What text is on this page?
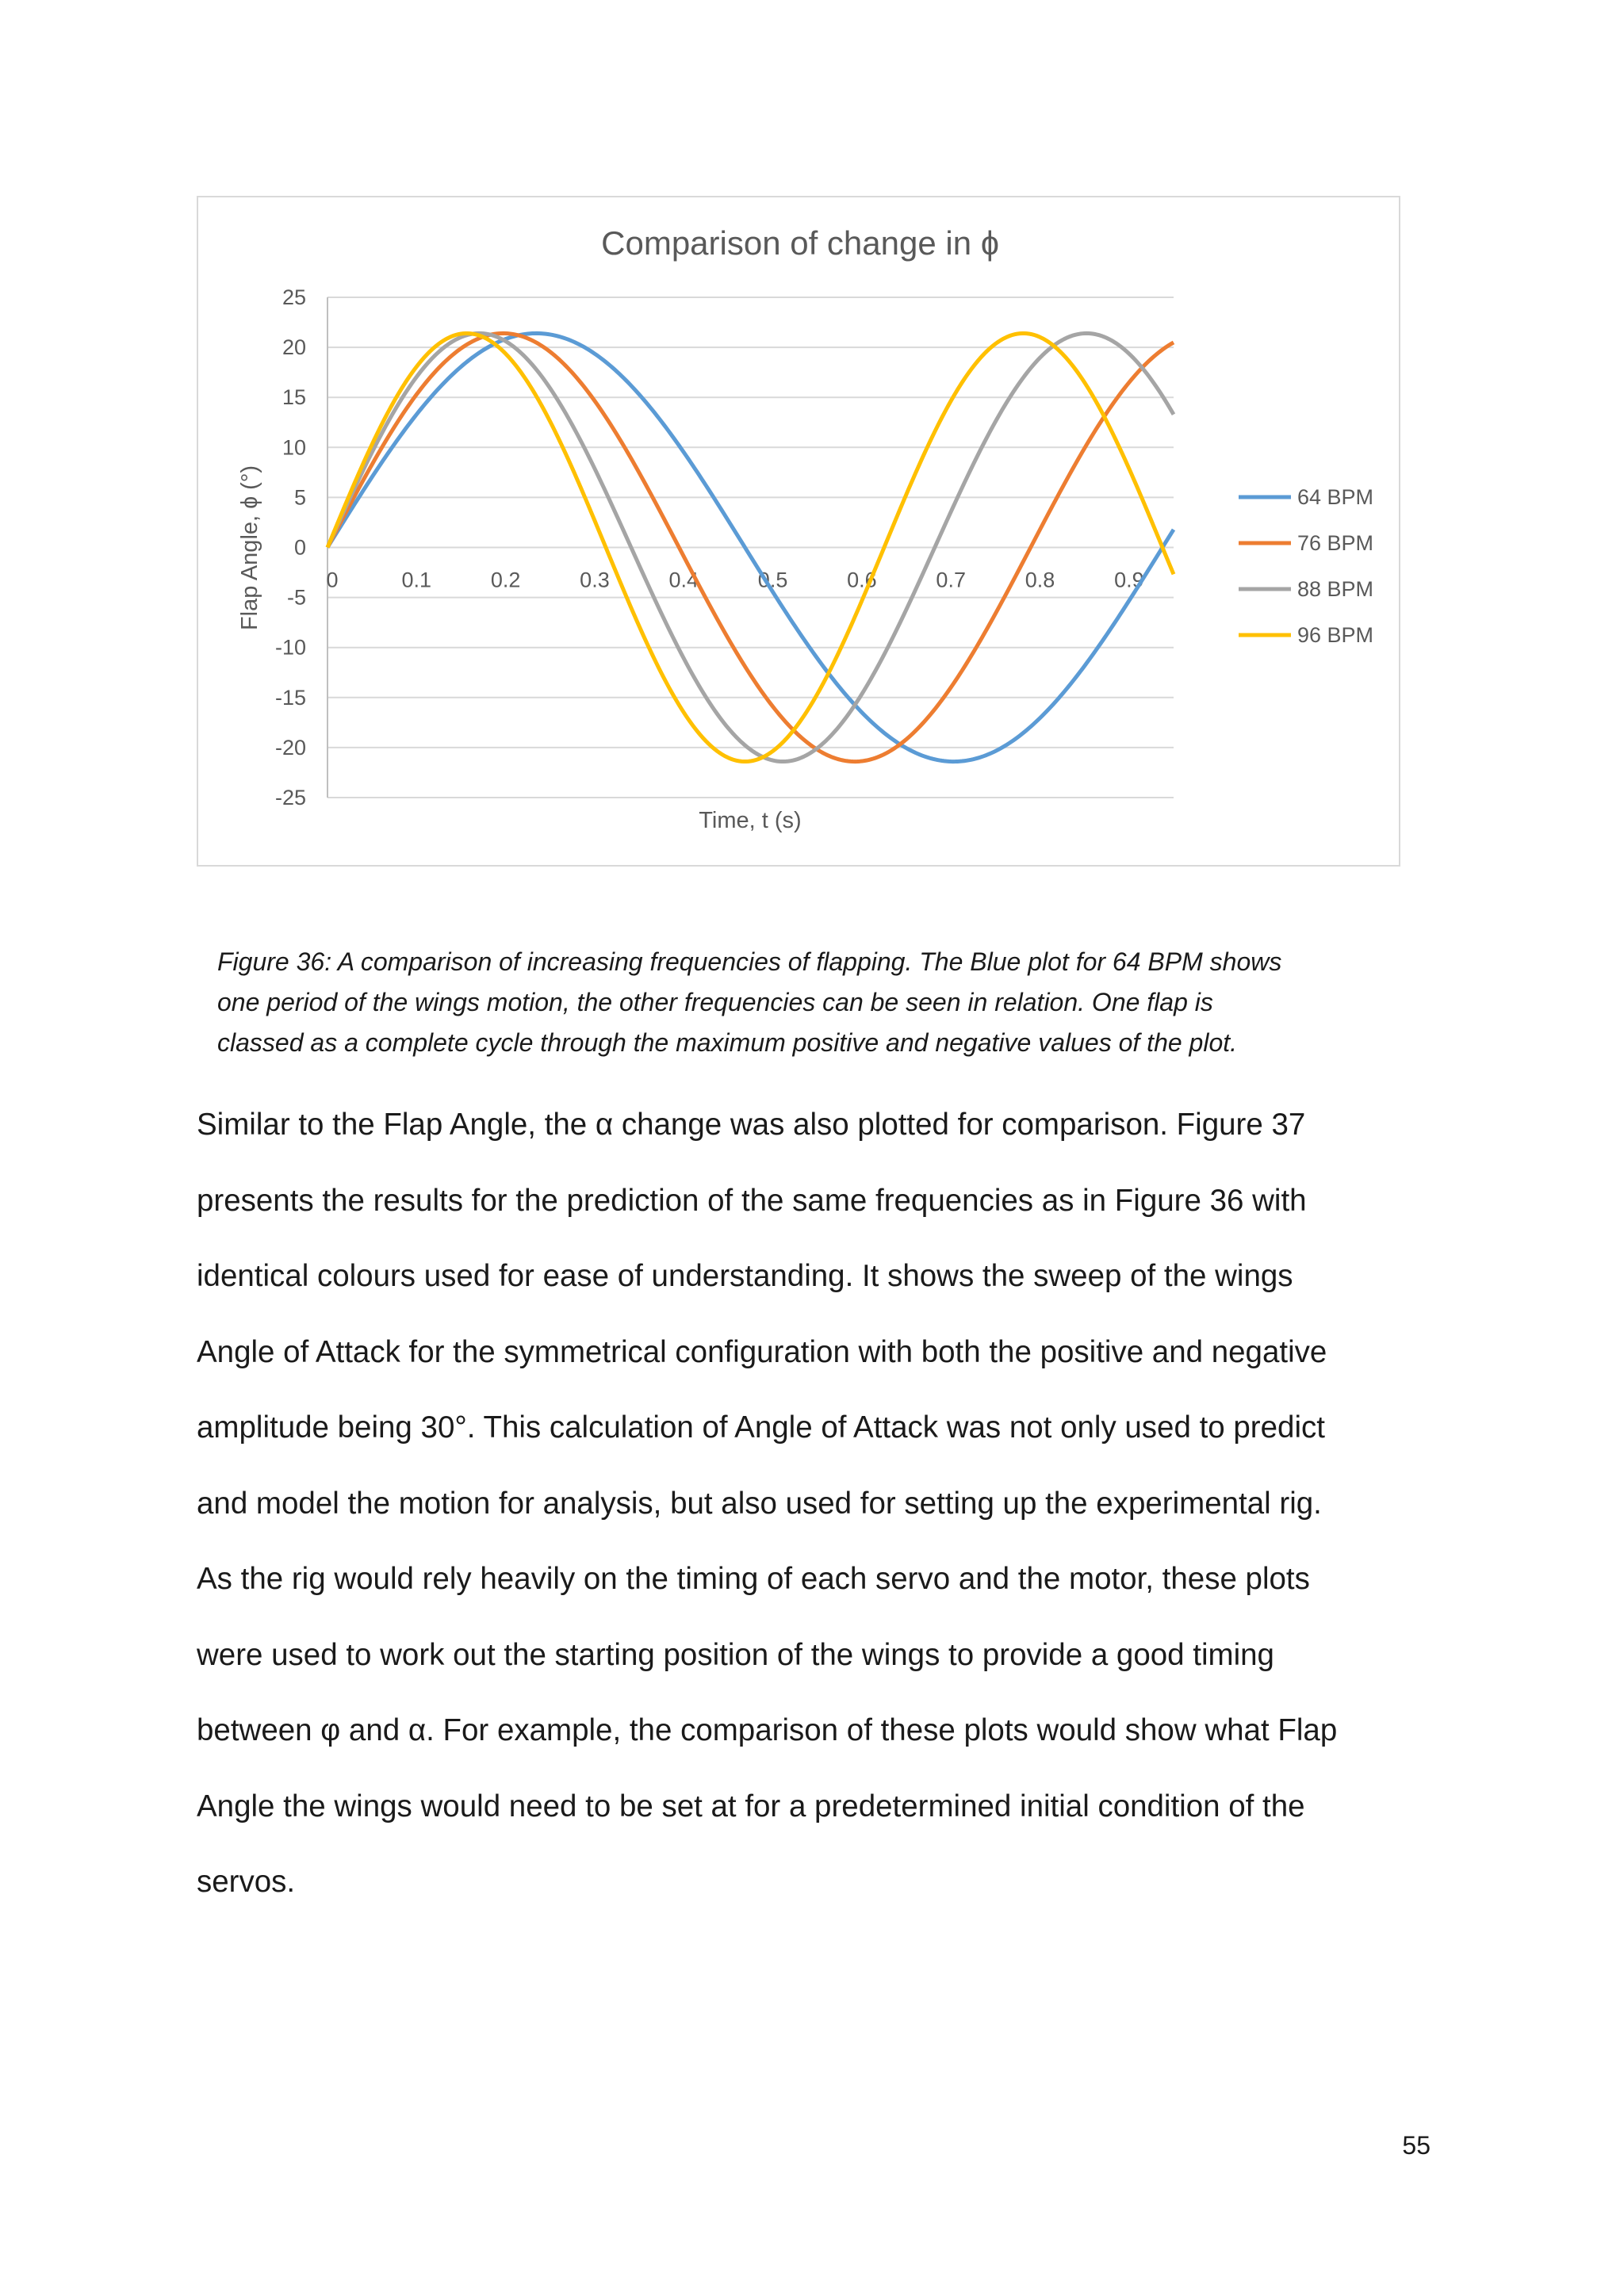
Comparison of change in ɸ
25
20
15
10
5
0
-5
-10
-15
-20
-25
0	0.1	0.2	0.3	0.4	0.5	0.6	0.7	0.8	0.9
Time, t (s)
Flap Angle, ɸ (°)	64 BPM
76 BPM
88 BPM
96 BPM
Figure 36: A comparison of increasing frequencies of flapping. The Blue plot for 64 BPM shows
one period of the wings motion, the other frequencies can be seen in relation. One flap is
classed as a complete cycle through the maximum positive and negative values of the plot.
Similar to the Flap Angle, the α change was also plotted for comparison. Figure 37
presents the results for the prediction of the same frequencies as in Figure 36 with
identical colours used for ease of understanding. It shows the sweep of the wings
Angle of Attack for the symmetrical configuration with both the positive and negative
amplitude being 30°. This calculation of Angle of Attack was not only used to predict
and model the motion for analysis, but also used for setting up the experimental rig.
As the rig would rely heavily on the timing of each servo and the motor, these plots
were used to work out the starting position of the wings to provide a good timing
between φ and α. For example, the comparison of these plots would show what Flap
Angle the wings would need to be set at for a predetermined initial condition of the
servos.
55
